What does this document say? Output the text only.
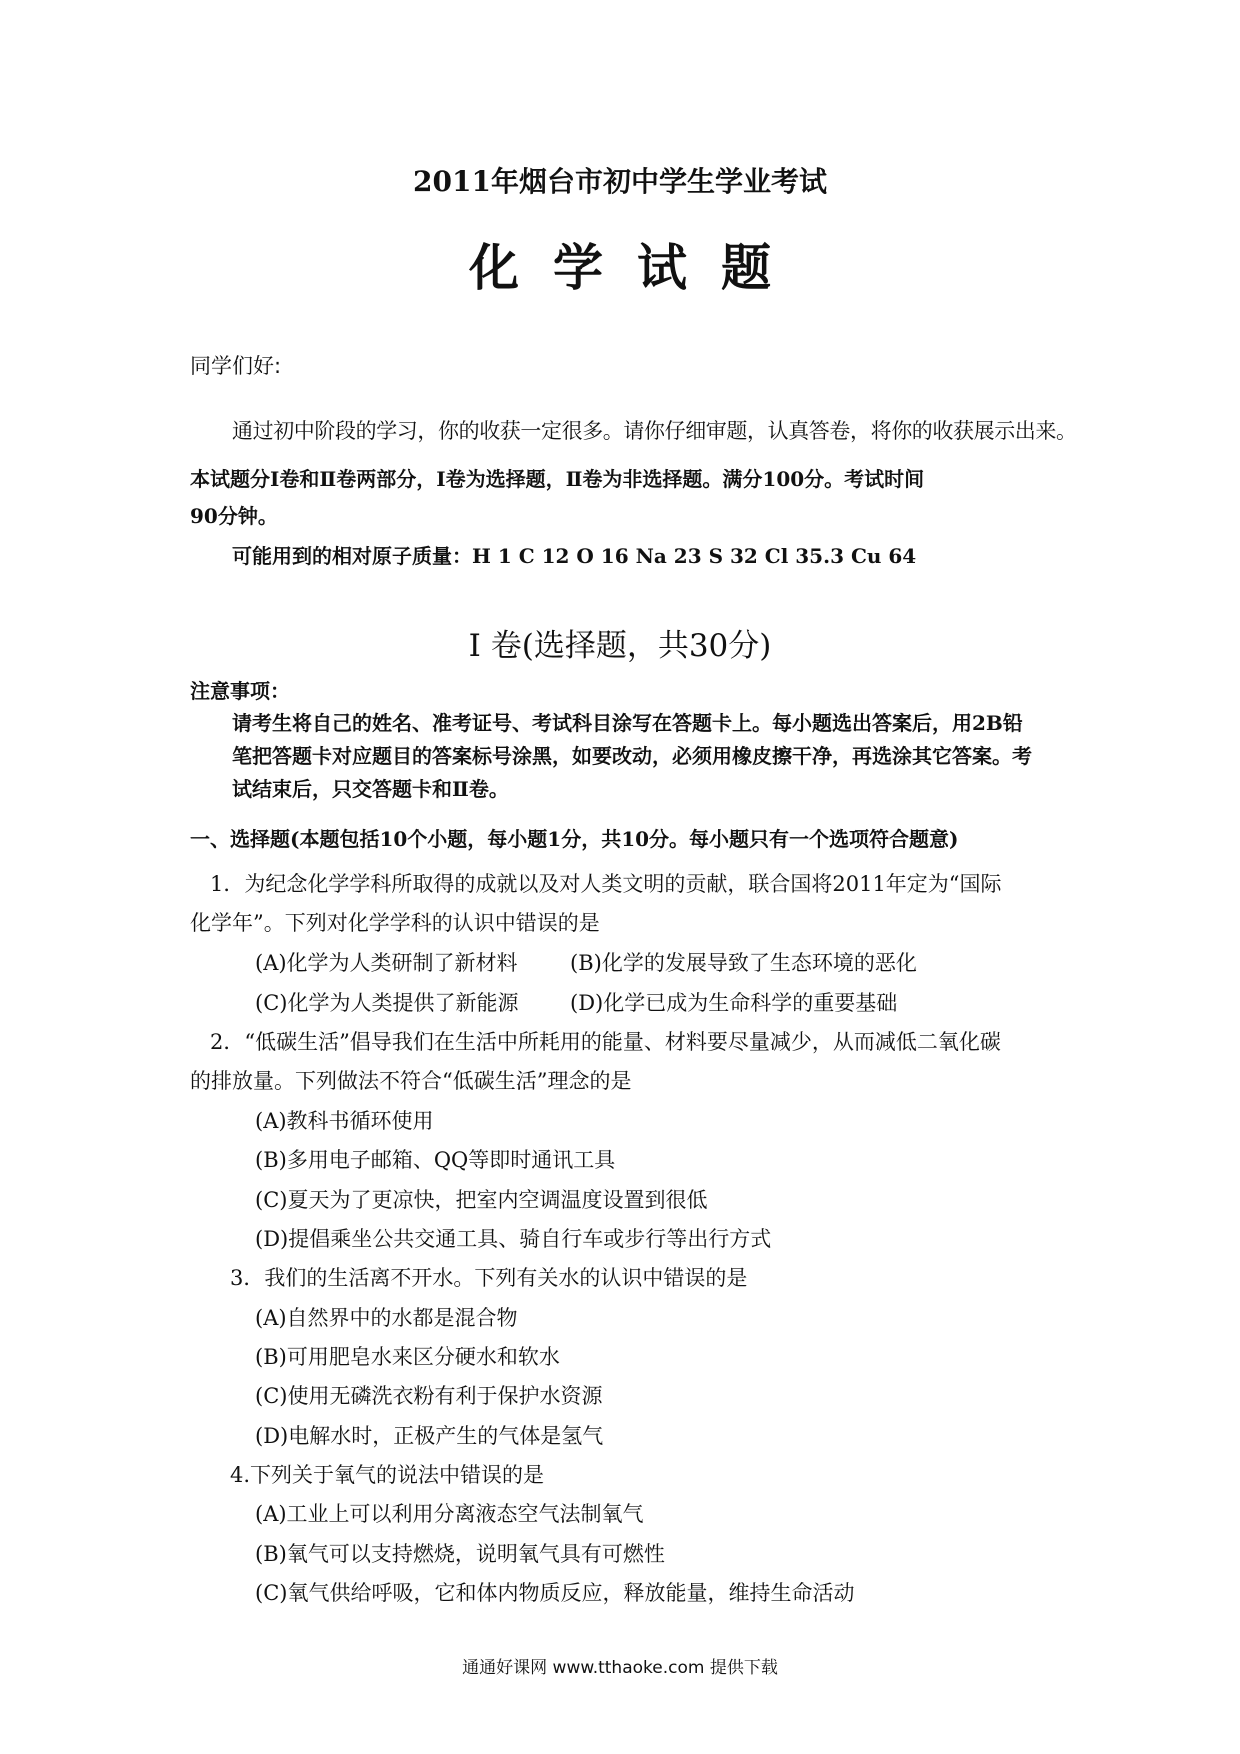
2011年烟台市初中学生学业考试
化学试题
同学们好:
通过初中阶段的学习，你的收获一定很多。请你仔细审题，认真答卷，将你的收获展示出来。
本试题分Ⅰ卷和Ⅱ卷两部分，Ⅰ卷为选择题，Ⅱ卷为非选择题。满分100分。考试时间
90分钟。
可能用到的相对原子质量：H 1 C 12 O 16 Na 23 S 32 Cl 35.3 Cu 64
Ⅰ 卷(选择题，共30分)
注意事项：
请考生将自己的姓名、准考证号、考试科目涂写在答题卡上。每小题选出答案后，用2B铅
笔把答题卡对应题目的答案标号涂黑，如要改动，必须用橡皮擦干净，再选涂其它答案。考
试结束后，只交答题卡和Ⅱ卷。
一、选择题(本题包括10个小题，每小题1分，共10分。每小题只有一个选项符合题意)
1．为纪念化学学科所取得的成就以及对人类文明的贡献，联合国将2011年定为“国际
化学年”。下列对化学学科的认识中错误的是
(A)化学为人类研制了新材料 (B)化学的发展导致了生态环境的恶化
(C)化学为人类提供了新能源 (D)化学已成为生命科学的重要基础
2．“低碳生活”倡导我们在生活中所耗用的能量、材料要尽量减少，从而减低二氧化碳
的排放量。下列做法不符合“低碳生活”理念的是
(A)教科书循环使用
(B)多用电子邮箱、QQ等即时通讯工具
(C)夏天为了更凉快，把室内空调温度设置到很低
(D)提倡乘坐公共交通工具、骑自行车或步行等出行方式
3．我们的生活离不开水。下列有关水的认识中错误的是
(A)自然界中的水都是混合物
(B)可用肥皂水来区分硬水和软水
(C)使用无磷洗衣粉有利于保护水资源
(D)电解水时，正极产生的气体是氢气
4.下列关于氧气的说法中错误的是
(A)工业上可以利用分离液态空气法制氧气
(B)氧气可以支持燃烧，说明氧气具有可燃性
(C)氧气供给呼吸，它和体内物质反应，释放能量，维持生命活动
通通好课网 www.tthaoke.com 提供下载
